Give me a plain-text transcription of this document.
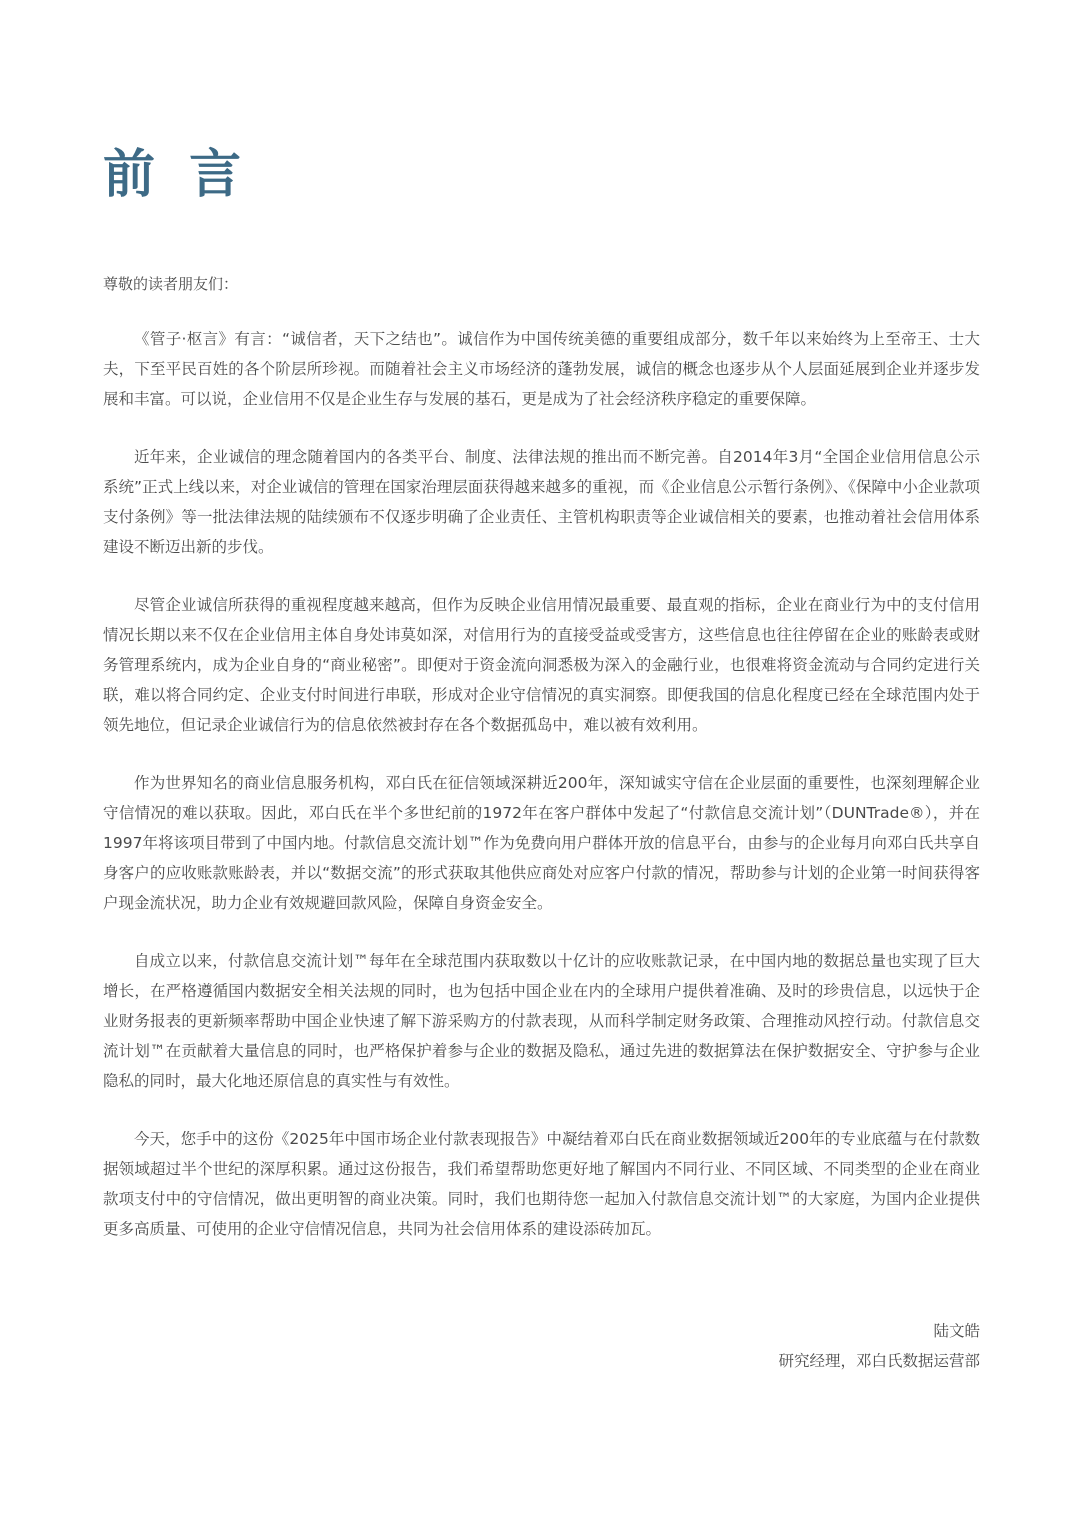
前 言

尊敬的读者朋友们：

《管子·枢言》有言：“诚信者，天下之结也”。诚信作为中国传统美德的重要组成部分，数千年以来始终为上至帝王、士大夫，下至平民百姓的各个阶层所珍视。而随着社会主义市场经济的蓬勃发展，诚信的概念也逐步从个人层面延展到企业并逐步发展和丰富。可以说，企业信用不仅是企业生存与发展的基石，更是成为了社会经济秩序稳定的重要保障。

近年来，企业诚信的理念随着国内的各类平台、制度、法律法规的推出而不断完善。自2014年3月“全国企业信用信息公示系统”正式上线以来，对企业诚信的管理在国家治理层面获得越来越多的重视，而《企业信息公示暂行条例》、《保障中小企业款项支付条例》等一批法律法规的陆续颁布不仅逐步明确了企业责任、主管机构职责等企业诚信相关的要素，也推动着社会信用体系建设不断迈出新的步伐。

尽管企业诚信所获得的重视程度越来越高，但作为反映企业信用情况最重要、最直观的指标，企业在商业行为中的支付信用情况长期以来不仅在企业信用主体自身处讳莫如深，对信用行为的直接受益或受害方，这些信息也往往停留在企业的账龄表或财务管理系统内，成为企业自身的“商业秘密”。即便对于资金流向洞悉极为深入的金融行业，也很难将资金流动与合同约定进行关联，难以将合同约定、企业支付时间进行串联，形成对企业守信情况的真实洞察。即便我国的信息化程度已经在全球范围内处于领先地位，但记录企业诚信行为的信息依然被封存在各个数据孤岛中，难以被有效利用。

作为世界知名的商业信息服务机构，邓白氏在征信领域深耕近200年，深知诚实守信在企业层面的重要性，也深刻理解企业守信情况的难以获取。因此，邓白氏在半个多世纪前的1972年在客户群体中发起了“付款信息交流计划”（DUNTrade®），并在1997年将该项目带到了中国内地。付款信息交流计划™作为免费向用户群体开放的信息平台，由参与的企业每月向邓白氏共享自身客户的应收账款账龄表，并以“数据交流”的形式获取其他供应商处对应客户付款的情况，帮助参与计划的企业第一时间获得客户现金流状况，助力企业有效规避回款风险，保障自身资金安全。

自成立以来，付款信息交流计划™每年在全球范围内获取数以十亿计的应收账款记录，在中国内地的数据总量也实现了巨大增长，在严格遵循国内数据安全相关法规的同时，也为包括中国企业在内的全球用户提供着准确、及时的珍贵信息，以远快于企业财务报表的更新频率帮助中国企业快速了解下游采购方的付款表现，从而科学制定财务政策、合理推动风控行动。付款信息交流计划™在贡献着大量信息的同时，也严格保护着参与企业的数据及隐私，通过先进的数据算法在保护数据安全、守护参与企业隐私的同时，最大化地还原信息的真实性与有效性。

今天，您手中的这份《2025年中国市场企业付款表现报告》中凝结着邓白氏在商业数据领域近200年的专业底蕴与在付款数据领域超过半个世纪的深厚积累。通过这份报告，我们希望帮助您更好地了解国内不同行业、不同区域、不同类型的企业在商业款项支付中的守信情况，做出更明智的商业决策。同时，我们也期待您一起加入付款信息交流计划™的大家庭，为国内企业提供更多高质量、可使用的企业守信情况信息，共同为社会信用体系的建设添砖加瓦。

陆文皓

研究经理，邓白氏数据运营部
